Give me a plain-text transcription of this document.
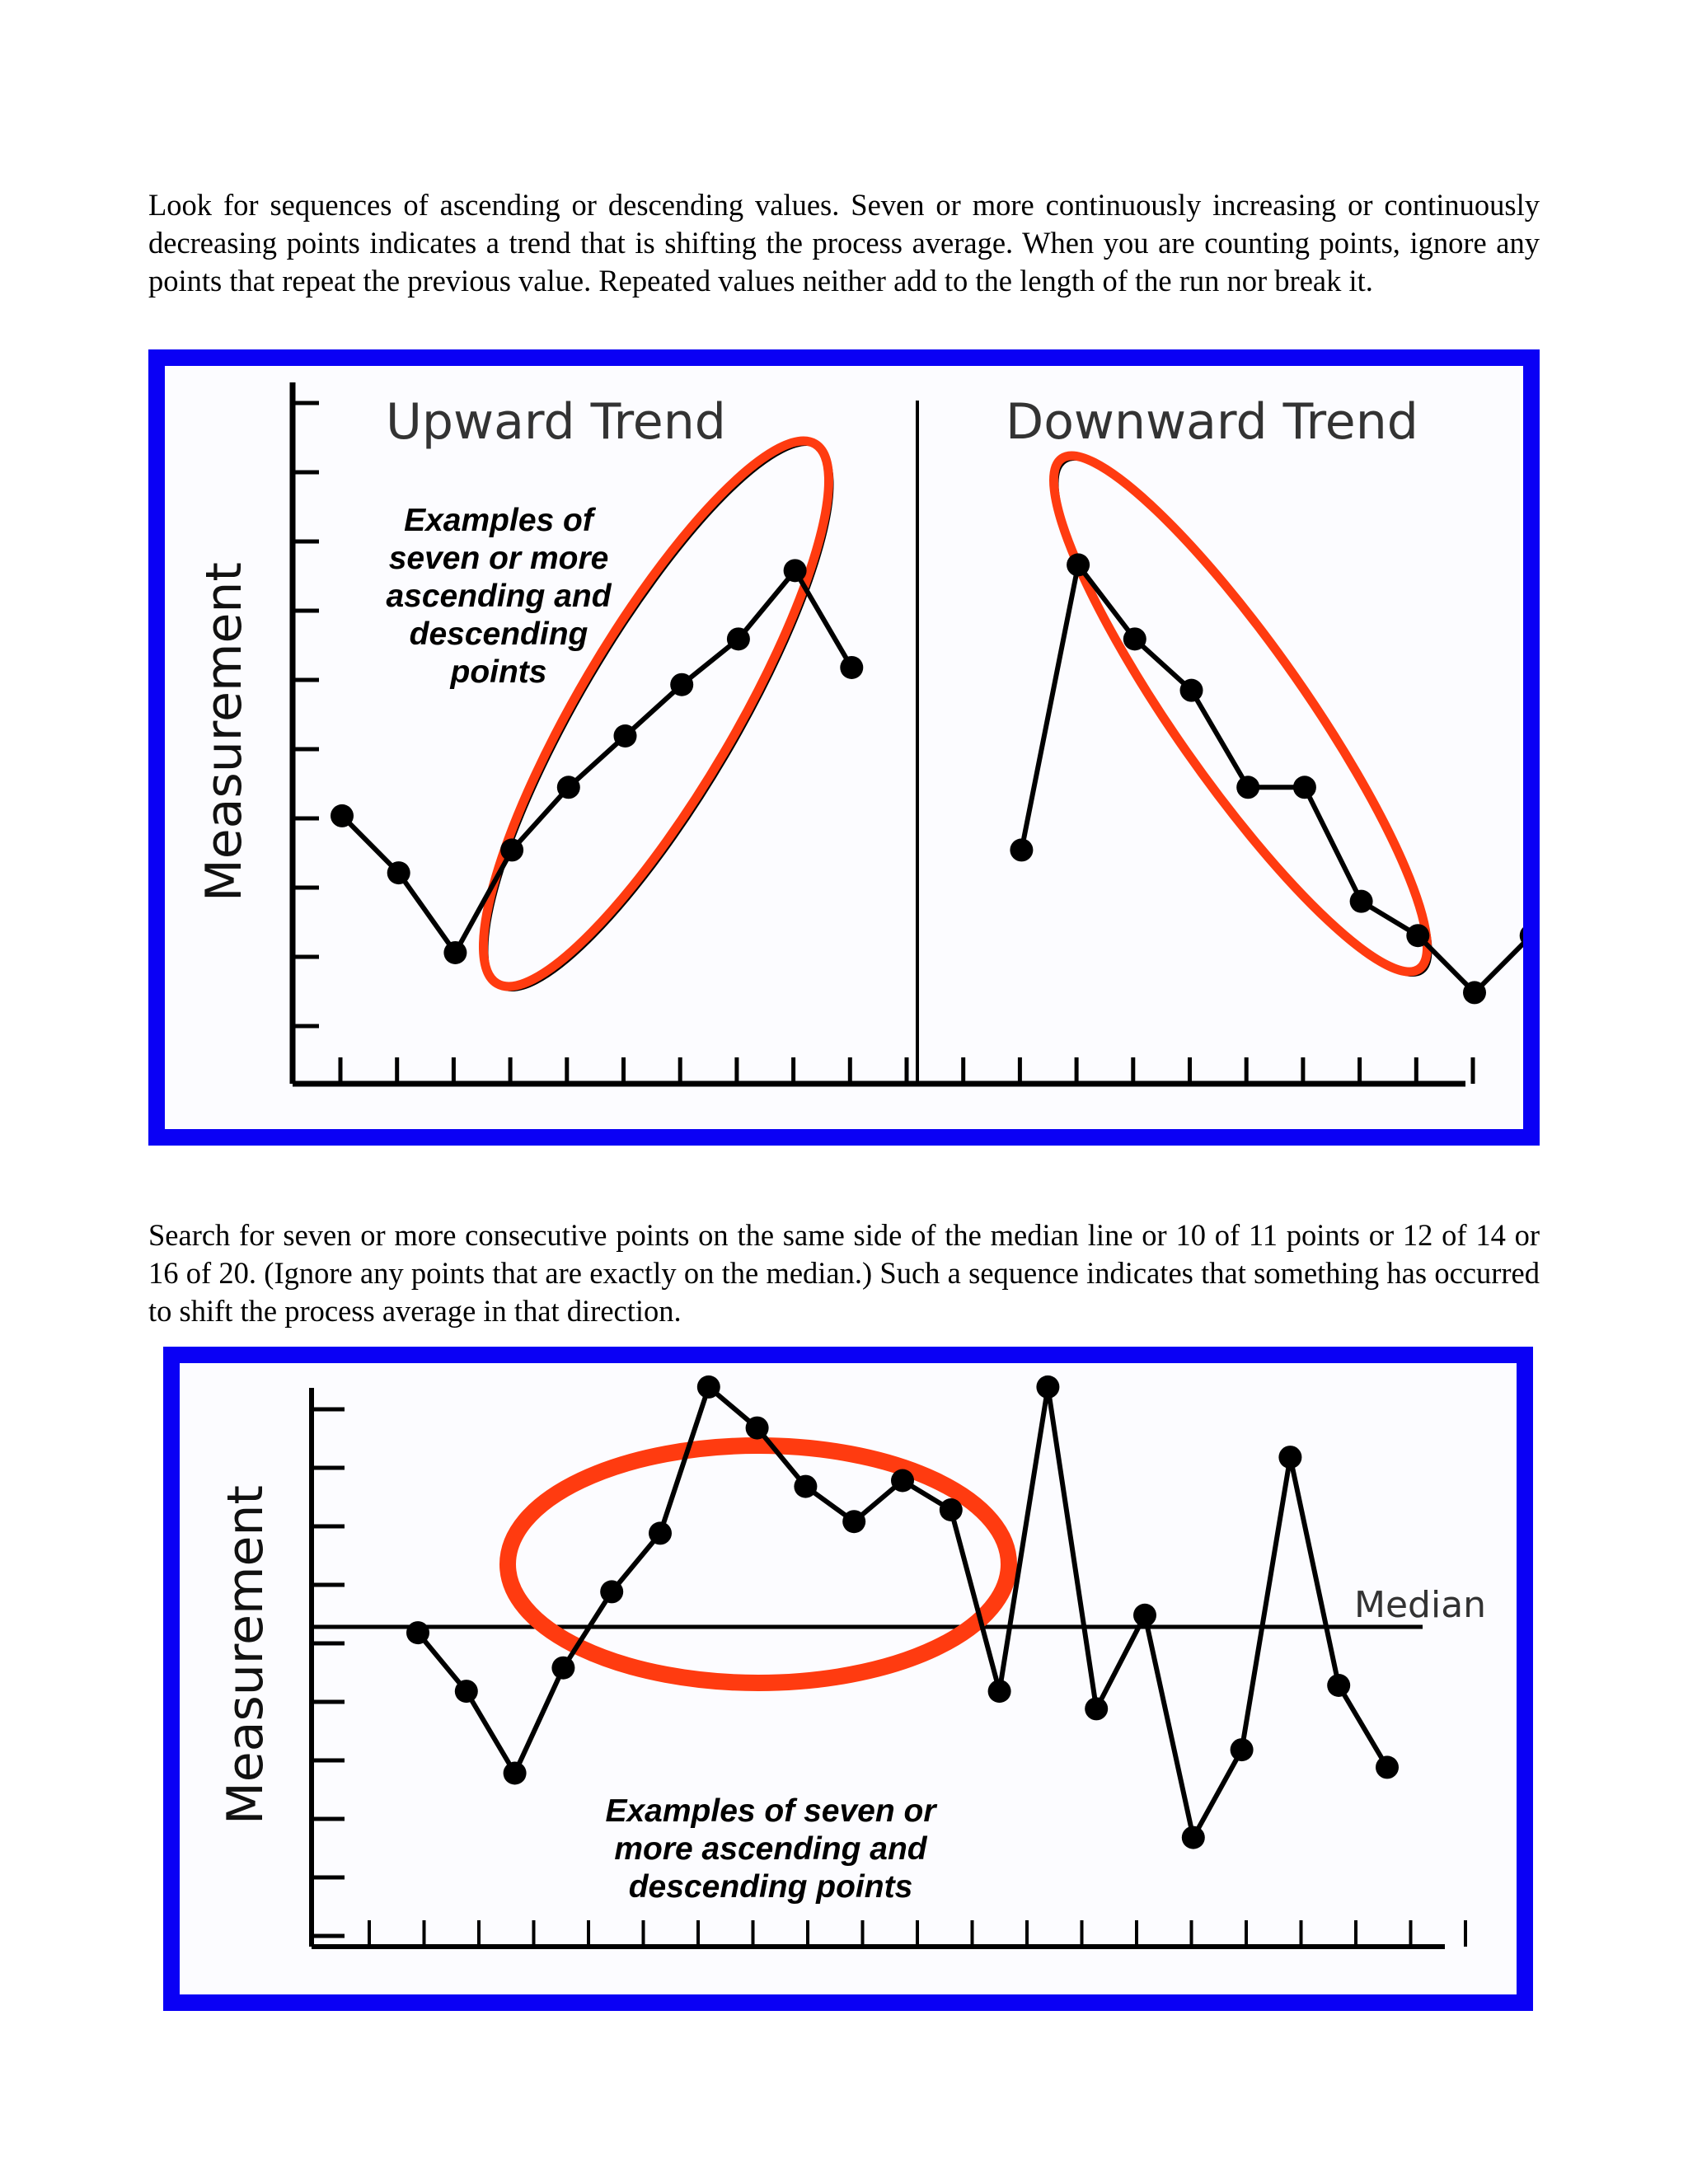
Look for sequences of ascending or descending values. Seven or more continuously increasing or continuously decreasing points indicates a trend that is shifting the process average. When you are counting points, ignore any points that repeat the previous value. Repeated values neither add to the length of the run nor break it.
Measurement
Upward Trend	Downward Trend
Examples of
seven or more
ascending and
descending
points
Search for seven or more consecutive points on the same side of the median line or 10 of 11 points or 12 of 14 or 16 of 20. (Ignore any points that are exactly on the median.) Such a sequence indicates that something has occurred to shift the process average in that direction.
Median
Measurement	Examples of seven or
more ascending and
descending points
